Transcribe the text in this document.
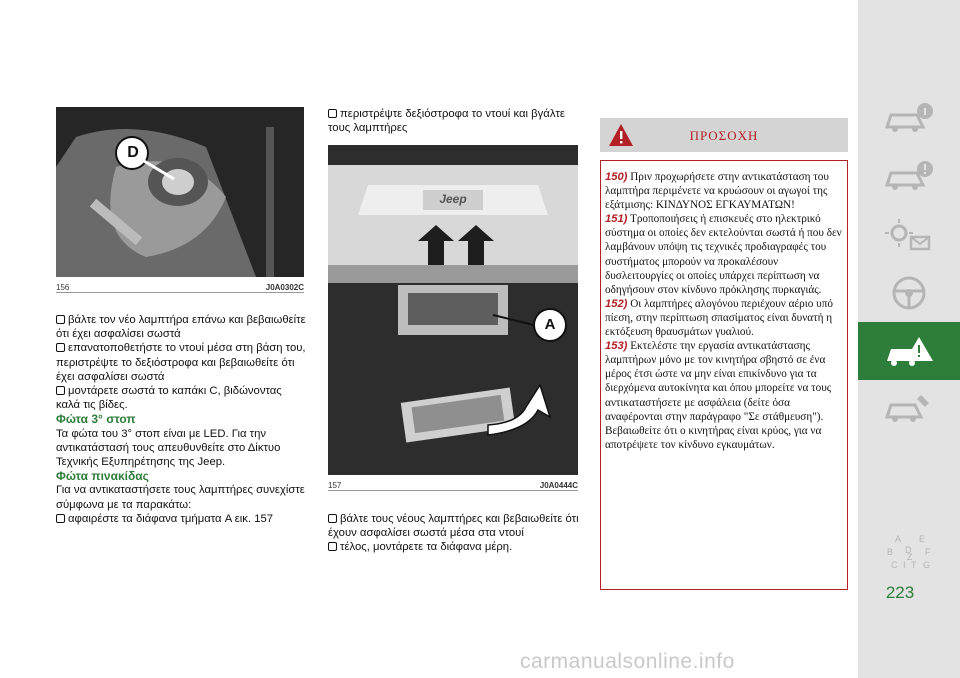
D
156	J0A0302C

βάλτε τον νέο λαμπτήρα επάνω και βεβαιωθείτε ότι έχει ασφαλίσει σωστά

επανατοποθετήστε το ντουί μέσα στη βάση του, περιστρέψτε το δεξιόστροφα και βεβαιωθείτε ότι έχει ασφαλίσει σωστά

μοντάρετε σωστά το καπάκι C, βιδώνοντας καλά τις βίδες.

Φώτα 3° στοπ

Τα φώτα του 3° στοπ είναι με LED. Για την αντικατάστασή τους απευθυνθείτε στο Δίκτυο Τεχνικής Εξυπηρέτησης της Jeep.

Φώτα πινακίδας

Για να αντικαταστήσετε τους λαμπτήρες συνεχίστε σύμφωνα με τα παρακάτω:

αφαιρέστε τα διάφανα τμήματα A εικ. 157

περιστρέψτε δεξιόστροφα το ντουί και βγάλτε τους λαμπτήρες

A
Jeep
157	J0A0444C

βάλτε τους νέους λαμπτήρες και βεβαιωθείτε ότι έχουν ασφαλίσει σωστά μέσα στα ντουί

τέλος, μοντάρετε τα διάφανα μέρη.

ΠΡΟΣΟΧΗ

150) Πριν προχωρήσετε στην αντικατάσταση του λαμπτήρα περιμένετε να κρυώσουν οι αγωγοί της εξάτμισης: ΚΙΝΔΥΝΟΣ ΕΓΚΑΥΜΑΤΩΝ!

151) Τροποποιήσεις ή επισκευές στο ηλεκτρικό σύστημα οι οποίες δεν εκτελούνται σωστά ή που δεν λαμβάνουν υπόψη τις τεχνικές προδιαγραφές του συστήματος μπορούν να προκαλέσουν δυσλειτουργίες οι οποίες υπάρχει περίπτωση να οδηγήσουν στον κίνδυνο πρόκλησης πυρκαγιάς.

152) Οι λαμπτήρες αλογόνου περιέχουν αέριο υπό πίεση, στην περίπτωση σπασίματος είναι δυνατή η εκτόξευση θραυσμάτων γυαλιού.

153) Εκτελέστε την εργασία αντικατάστασης λαμπτήρων μόνο με τον κινητήρα σβηστό σε ένα μέρος έτσι ώστε να μην είναι επικίνδυνο για τα διερχόμενα αυτοκίνητα και όπου μπορείτε να τους αντικαταστήσετε με ασφάλεια (δείτε όσα αναφέρονται στην παράγραφο "Σε στάθμευση"). Βεβαιωθείτε ότι ο κινητήρας είναι κρύος, για να αποτρέψετε τον κίνδυνο εγκαυμάτων.

A E
B D F
C I T G
Z
223
carmanualsonline.info
